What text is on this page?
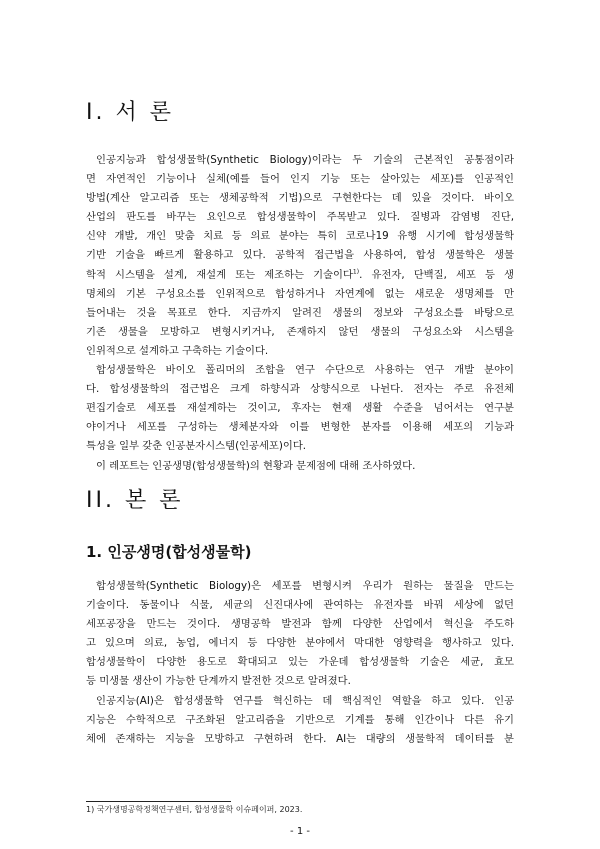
I. 서 론
인공지능과 합성생물학(Synthetic Biology)이라는 두 기술의 근본적인 공통점이라
면 자연적인 기능이나 실체(예를 들어 인지 기능 또는 살아있는 세포)를 인공적인
방법(계산 알고리즘 또는 생체공학적 기법)으로 구현한다는 데 있을 것이다. 바이오
산업의 판도를 바꾸는 요인으로 합성생물학이 주목받고 있다. 질병과 감염병 진단,
신약 개발, 개인 맞춤 치료 등 의료 분야는 특히 코로나19 유행 시기에 합성생물학
기반 기술을 빠르게 활용하고 있다. 공학적 접근법을 사용하여, 합성 생물학은 생물
학적 시스템을 설계, 재설계 또는 제조하는 기술이다$^{1)}$. 유전자, 단백질, 세포 등 생
명체의 기본 구성요소를 인위적으로 합성하거나 자연계에 없는 새로운 생명체를 만
들어내는 것을 목표로 한다. 지금까지 알려진 생물의 정보와 구성요소를 바탕으로
기존 생물을 모방하고 변형시키거나, 존재하지 않던 생물의 구성요소와 시스템을
인위적으로 설계하고 구축하는 기술이다.
합성생물학은 바이오 폴리머의 조합을 연구 수단으로 사용하는 연구 개발 분야이
다. 합성생물학의 접근법은 크게 하향식과 상향식으로 나뉜다. 전자는 주로 유전체
편집기술로 세포를 재설계하는 것이고, 후자는 현재 생활 수준을 넘어서는 연구분
야이거나 세포를 구성하는 생체분자와 이를 변형한 분자를 이용해 세포의 기능과
특성을 일부 갖춘 인공분자시스템(인공세포)이다.
이 레포트는 인공생명(합성생물학)의 현황과 문제점에 대해 조사하였다.
II. 본 론
1. 인공생명(합성생물학)
합성생물학(Synthetic Biology)은 세포를 변형시켜 우리가 원하는 물질을 만드는
기술이다. 동물이나 식물, 세균의 신진대사에 관여하는 유전자를 바꿔 세상에 없던
세포공장을 만드는 것이다. 생명공학 발전과 함께 다양한 산업에서 혁신을 주도하
고 있으며 의료, 농업, 에너지 등 다양한 분야에서 막대한 영향력을 행사하고 있다.
합성생물학이 다양한 용도로 확대되고 있는 가운데 합성생물학 기술은 세균, 효모
등 미생물 생산이 가능한 단계까지 발전한 것으로 알려졌다.
인공지능(AI)은 합성생물학 연구를 혁신하는 데 핵심적인 역할을 하고 있다. 인공
지능은 수학적으로 구조화된 알고리즘을 기반으로 기계를 통해 인간이나 다른 유기
체에 존재하는 지능을 모방하고 구현하려 한다. AI는 대량의 생물학적 데이터를 분

1) 국가생명공학정책연구센터, 합성생물학 이슈페이퍼, 2023.

- 1 -
